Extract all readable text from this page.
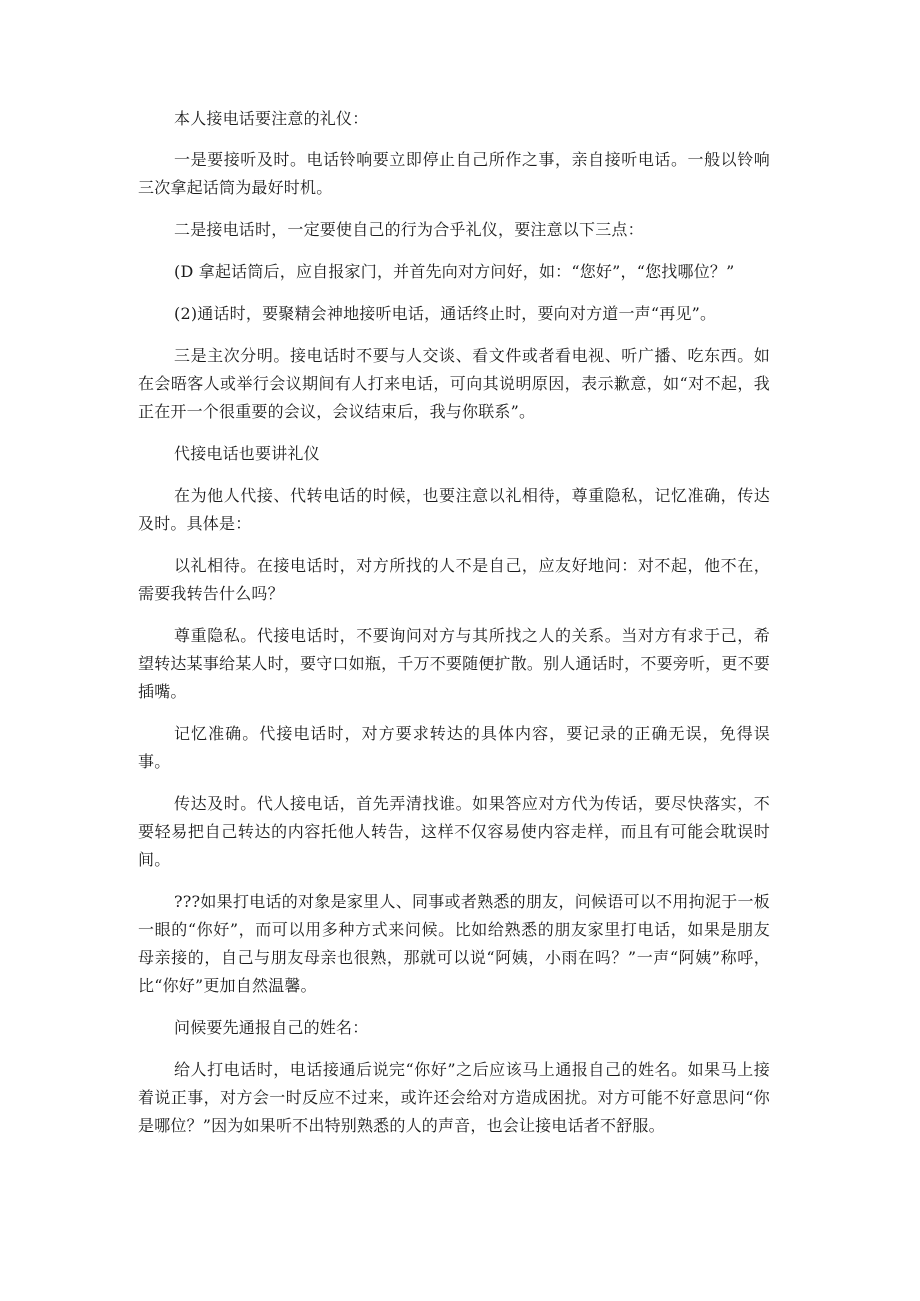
本人接电话要注意的礼仪：

一是要接听及时。电话铃响要立即停止自己所作之事，亲自接听电话。一般以铃响三次拿起话筒为最好时机。

二是接电话时，一定要使自己的行为合乎礼仪，要注意以下三点：

(D 拿起话筒后，应自报家门，并首先向对方问好，如：“您好”，“您找哪位？”

(2)通话时，要聚精会神地接听电话，通话终止时，要向对方道一声“再见”。

三是主次分明。接电话时不要与人交谈、看文件或者看电视、听广播、吃东西。如在会晤客人或举行会议期间有人打来电话，可向其说明原因，表示歉意，如“对不起，我正在开一个很重要的会议，会议结束后，我与你联系”。

代接电话也要讲礼仪

在为他人代接、代转电话的时候，也要注意以礼相待，尊重隐私，记忆准确，传达及时。具体是：

以礼相待。在接电话时，对方所找的人不是自己，应友好地问：对不起，他不在，需要我转告什么吗？

尊重隐私。代接电话时，不要询问对方与其所找之人的关系。当对方有求于己，希望转达某事给某人时，要守口如瓶，千万不要随便扩散。别人通话时，不要旁听，更不要插嘴。

记忆准确。代接电话时，对方要求转达的具体内容，要记录的正确无误，免得误事。

传达及时。代人接电话，首先弄清找谁。如果答应对方代为传话，要尽快落实，不要轻易把自己转达的内容托他人转告，这样不仅容易使内容走样，而且有可能会耽误时间。

???如果打电话的对象是家里人、同事或者熟悉的朋友，问候语可以不用拘泥于一板一眼的“你好”，而可以用多种方式来问候。比如给熟悉的朋友家里打电话，如果是朋友母亲接的，自己与朋友母亲也很熟，那就可以说“阿姨，小雨在吗？”一声“阿姨”称呼，比“你好”更加自然温馨。

问候要先通报自己的姓名：

给人打电话时，电话接通后说完“你好”之后应该马上通报自己的姓名。如果马上接着说正事，对方会一时反应不过来，或许还会给对方造成困扰。对方可能不好意思问“你是哪位？”因为如果听不出特别熟悉的人的声音，也会让接电话者不舒服。
